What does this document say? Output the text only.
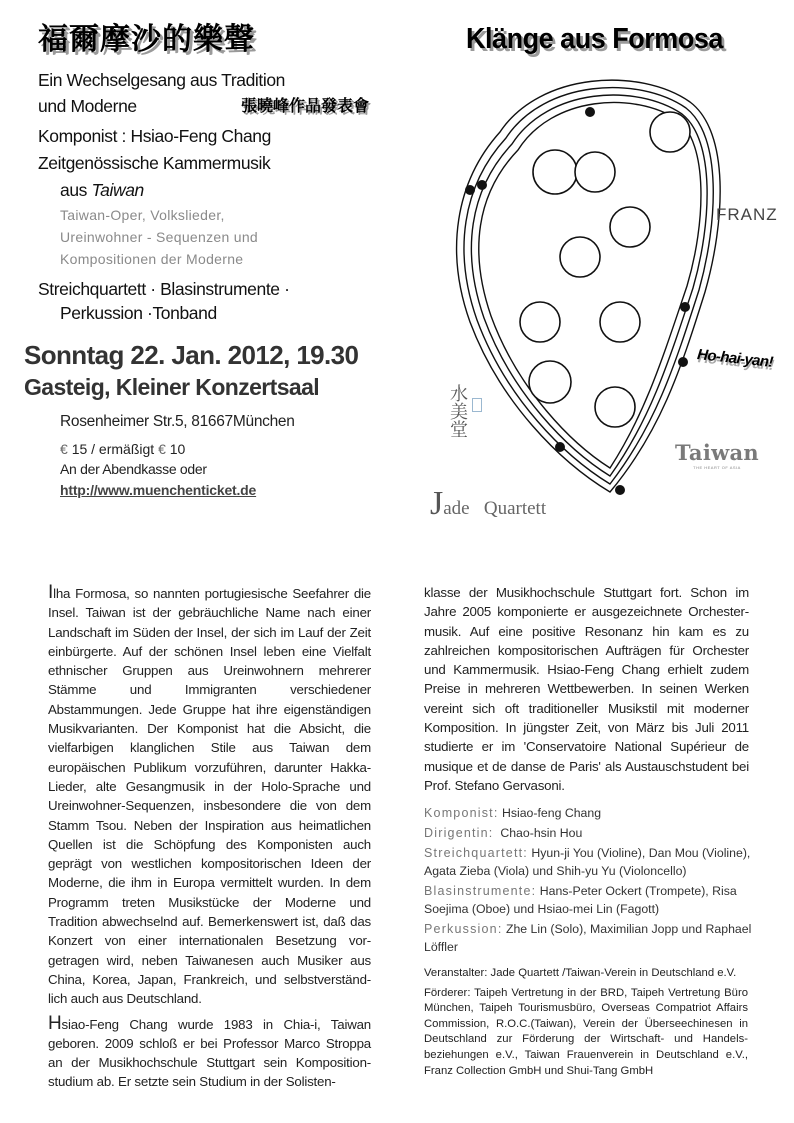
福爾摩沙的樂聲
張曉峰作品發表會
Klänge aus Formosa
Ein Wechselgesang aus Tradition
und Moderne
Komponist : Hsiao-Feng Chang
Zeitgenössische Kammermusik
aus Taiwan
Taiwan-Oper, Volkslieder,
Ureinwohner - Sequenzen und
Kompositionen der Moderne
Streichquartett · Blasinstrumente ·
Perkussion ·Tonband
Sonntag 22. Jan. 2012, 19.30
Gasteig, Kleiner Konzertsaal
Rosenheimer Str.5, 81667München
€ 15 / ermäßigt € 10
An der Abendkasse oder
http://www.muenchenticket.de
FRANZ
Ho-hai-yan!
水美堂
Taiwan
THE HEART OF ASIA
Jade   Quartett

Ilha Formosa, so nannten portugiesische Seefahrer die Insel. Taiwan ist der gebräuchliche Name nach einer Landschaft im Süden der Insel, der sich im Lauf der Zeit einbürgerte. Auf der schönen Insel leben eine Vielfalt ethnischer Gruppen aus Ureinwohnern mehrerer Stämme und Immigranten verschiedener Abstammungen. Jede Gruppe hat ihre eigenständigen Musikvarianten. Der Komponist hat die Absicht, die vielfarbigen klanglichen Stile aus Taiwan dem europäischen Publikum vorzuführen, darunter Hakka-Lieder, alte Gesangmusik in der Holo-Sprache und Ureinwohner-Sequenzen, insbesondere die von dem Stamm Tsou. Neben der Inspiration aus heimatlichen Quellen ist die Schöpfung des Komponisten auch geprägt von westlichen kompositorischen Ideen der Moderne, die ihm in Europa vermittelt wurden. In dem Programm treten Musikstücke der Moderne und Tradition abwechselnd auf. Bemerkenswert ist, daß das Konzert von einer internationalen Besetzung vor-getragen wird, neben Taiwanesen auch Musiker aus China, Korea, Japan, Frankreich, und selbstverständ-lich auch aus Deutschland.

Hsiao-Feng Chang wurde 1983 in Chia-i, Taiwan geboren. 2009 schloß er bei Professor Marco Stroppa an der Musikhochschule Stuttgart sein Komposition-studium ab. Er setzte sein Studium in der Solisten-

klasse der Musikhochschule Stuttgart fort. Schon im Jahre 2005 komponierte er ausgezeichnete Orchester-musik. Auf eine positive Resonanz hin kam es zu zahlreichen kompositorischen Aufträgen für Orchester und Kammermusik. Hsiao-Feng Chang erhielt zudem Preise in mehreren Wettbewerben. In seinen Werken vereint sich oft traditioneller Musikstil mit moderner Komposition. In jüngster Zeit, von März bis Juli 2011 studierte er im 'Conservatoire National Supérieur de musique et de danse de Paris' als Austauschstudent bei Prof. Stefano Gervasoni.

Komponist: Hsiao-feng Chang
Dirigentin: Chao-hsin Hou
Streichquartett: Hyun-ji You (Violine), Dan Mou (Violine), Agata Zieba (Viola) und Shih-yu Yu (Violoncello)
Blasinstrumente: Hans-Peter Ockert (Trompete), Risa Soejima (Oboe) und Hsiao-mei Lin (Fagott)
Perkussion: Zhe Lin (Solo), Maximilian Jopp und Raphael Löffler
Veranstalter: Jade Quartett /Taiwan-Verein in Deutschland e.V.
Förderer: Taipeh Vertretung in der BRD, Taipeh Vertretung Büro München, Taipeh Tourismusbüro, Overseas Compatriot Affairs Commission, R.O.C.(Taiwan), Verein der Überseechinesen in Deutschland zur Förderung der Wirtschaft- und Handels-beziehungen e.V., Taiwan Frauenverein in Deutschland e.V., Franz Collection GmbH und Shui-Tang GmbH
